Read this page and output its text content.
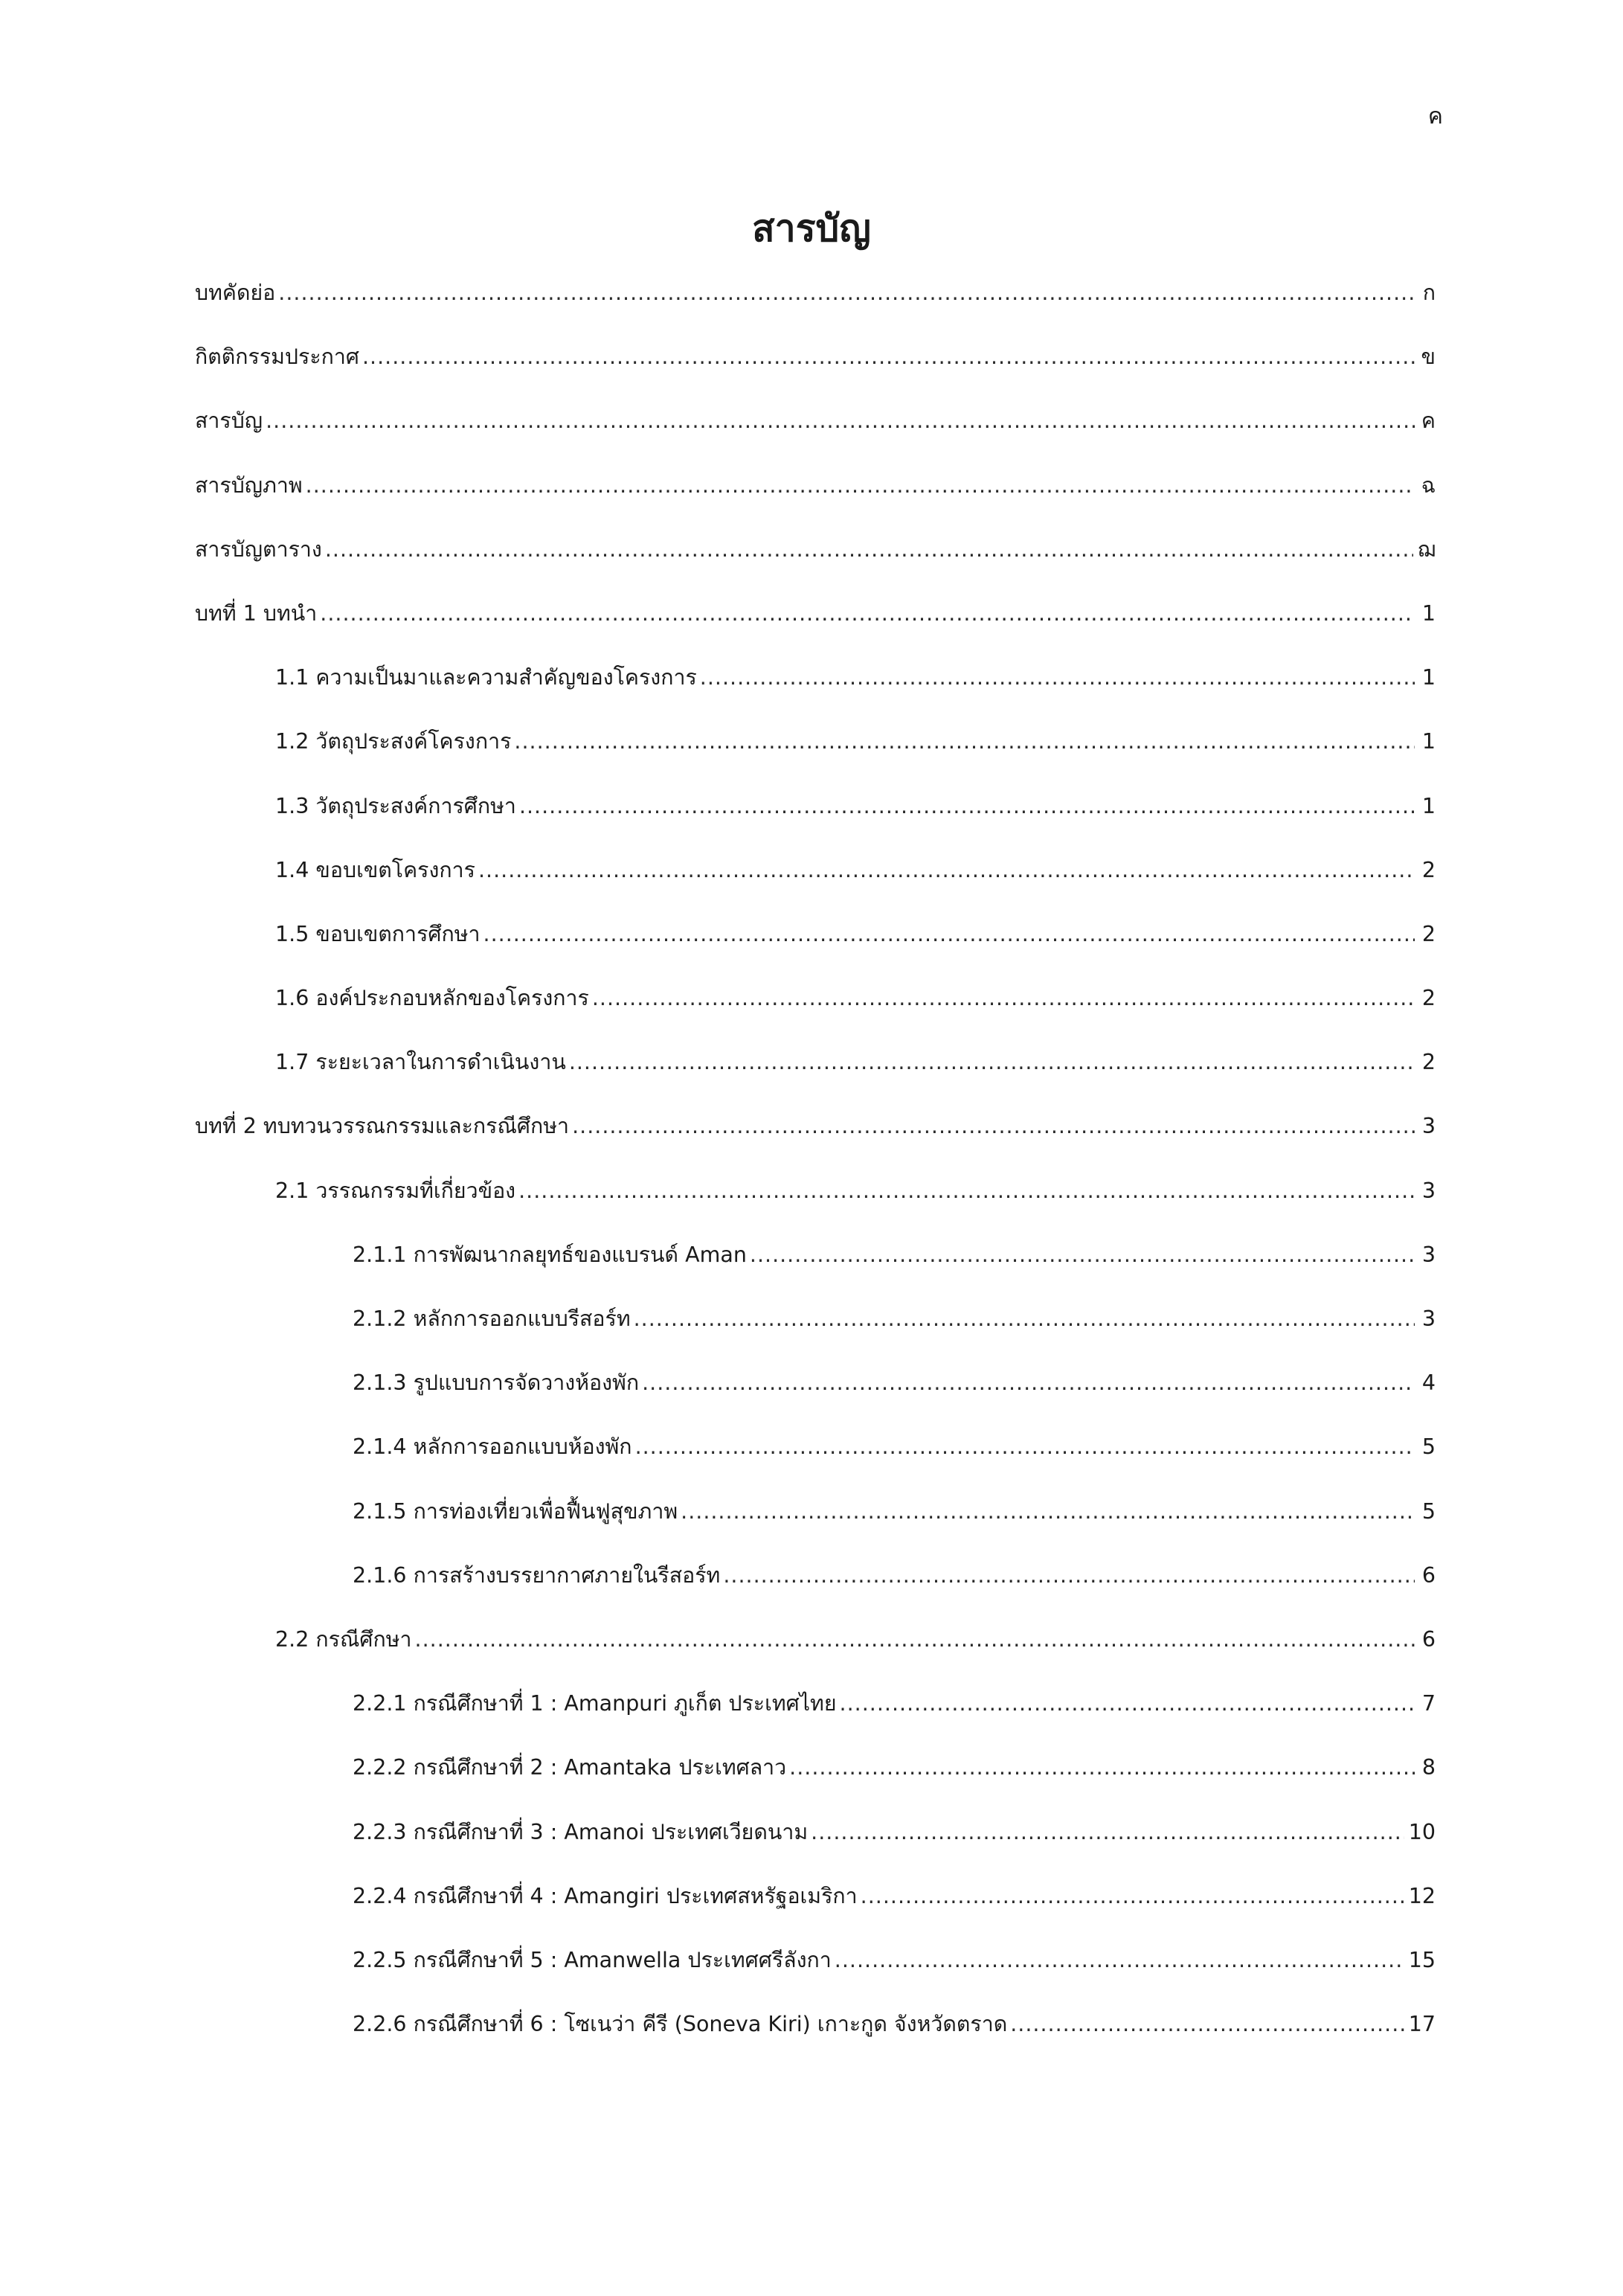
ค
สารบัญ
บทคัดย่อ .....	ก
กิตติกรรมประกาศ .....	ข
สารบัญ .....	ค
สารบัญภาพ .....	ฉ
สารบัญตาราง .....	ฌ
บทที่ 1 บทนำ .....	1
1.1 ความเป็นมาและความสำคัญของโครงการ .....	1
1.2 วัตถุประสงค์โครงการ .....	1
1.3 วัตถุประสงค์การศึกษา .....	1
1.4 ขอบเขตโครงการ .....	2
1.5 ขอบเขตการศึกษา .....	2
1.6 องค์ประกอบหลักของโครงการ .....	2
1.7 ระยะเวลาในการดำเนินงาน .....	2
บทที่ 2 ทบทวนวรรณกรรมและกรณีศึกษา .....	3
2.1 วรรณกรรมที่เกี่ยวข้อง .....	3
2.1.1 การพัฒนากลยุทธ์ของแบรนด์ Aman .....	3
2.1.2 หลักการออกแบบรีสอร์ท .....	3
2.1.3 รูปแบบการจัดวางห้องพัก .....	4
2.1.4 หลักการออกแบบห้องพัก .....	5
2.1.5 การท่องเที่ยวเพื่อฟื้นฟูสุขภาพ .....	5
2.1.6 การสร้างบรรยากาศภายในรีสอร์ท .....	6
2.2 กรณีศึกษา .....	6
2.2.1 กรณีศึกษาที่ 1 : Amanpuri ภูเก็ต ประเทศไทย .....	7
2.2.2 กรณีศึกษาที่ 2 : Amantaka ประเทศลาว .....	8
2.2.3 กรณีศึกษาที่ 3 : Amanoi ประเทศเวียดนาม .....	10
2.2.4 กรณีศึกษาที่ 4 : Amangiri ประเทศสหรัฐอเมริกา .....	12
2.2.5 กรณีศึกษาที่ 5 : Amanwella ประเทศศรีลังกา .....	15
2.2.6 กรณีศึกษาที่ 6 : โซเนว่า คีรี (Soneva Kiri) เกาะกูด จังหวัดตราด .....	17
